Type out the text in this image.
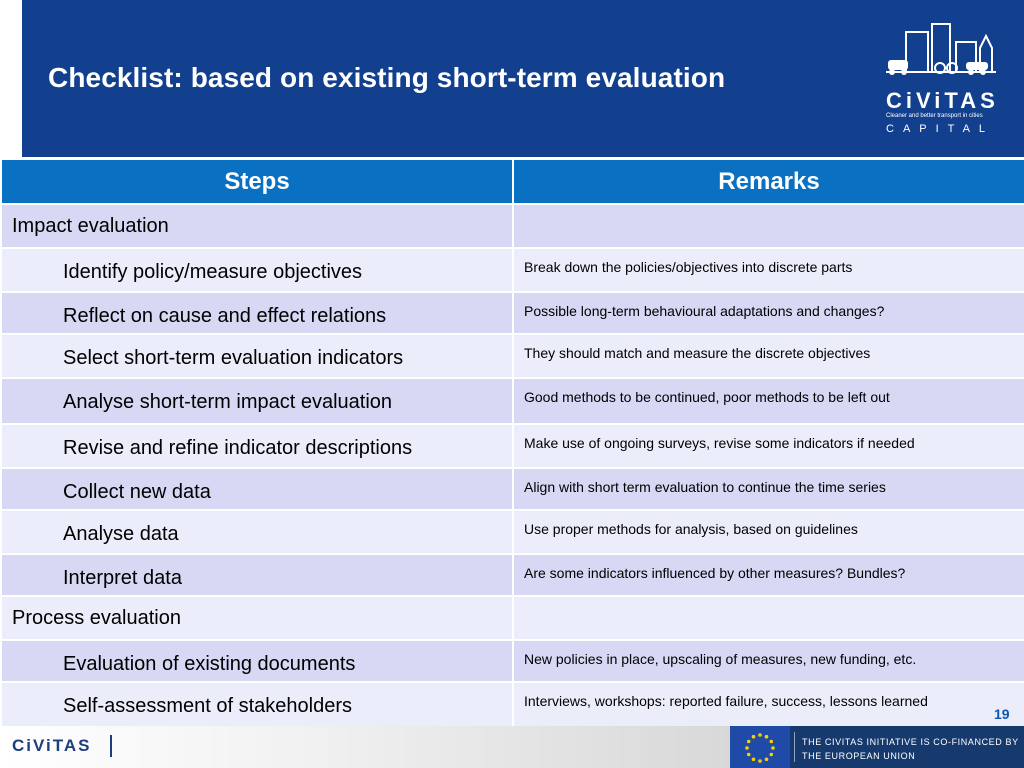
Checklist: based on existing short-term evaluation
CiViTAS
Cleaner and better transport in cities
CAPITAL
Steps	Remarks
Impact evaluation	
Identify policy/measure objectives	Break down the policies/objectives into discrete parts
Reflect on cause and effect relations	Possible long-term behavioural adaptations and changes?
Select short-term evaluation indicators	They should match and measure the discrete objectives
Analyse short-term impact evaluation	Good methods to be continued, poor methods to be left out
Revise and refine indicator descriptions	Make use of ongoing surveys, revise some indicators if needed
Collect new data	Align with short term evaluation to continue the time series
Analyse data	Use proper methods for analysis, based on guidelines
Interpret data	Are some indicators influenced by other measures? Bundles?
Process evaluation	
Evaluation of existing documents	New policies in place, upscaling of measures, new funding, etc.
Self-assessment of stakeholders	Interviews, workshops: reported failure, success, lessons learned
19
CiViTAS	THE CIVITAS INITIATIVE IS CO-FINANCED BY
THE EUROPEAN UNION
